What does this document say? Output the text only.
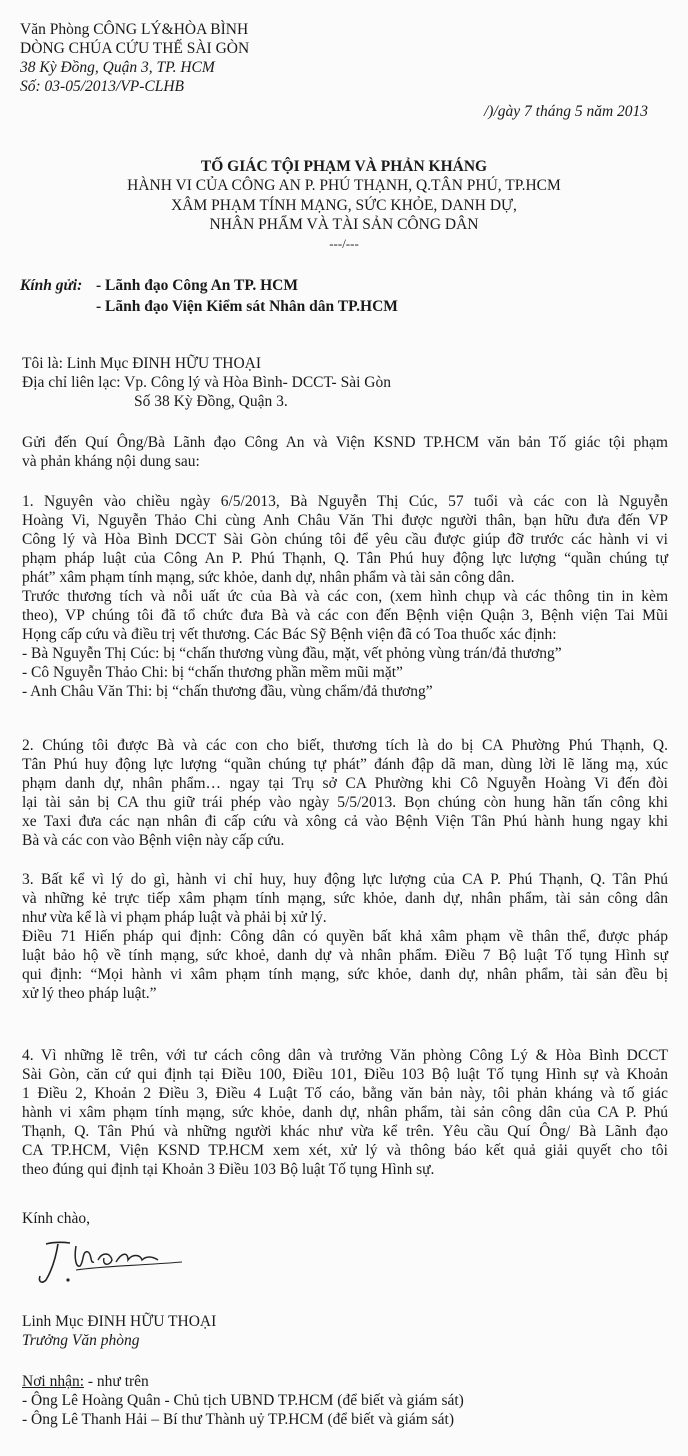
Văn Phòng CÔNG LÝ&HÒA BÌNH
DÒNG CHÚA CỨU THẾ SÀI GÒN
38 Kỳ Đồng, Quận 3, TP. HCM
Số: 03-05/2013/VP-CLHB
/)/gày 7 tháng 5 năm 2013
TỐ GIÁC TỘI PHẠM VÀ PHẢN KHÁNG
HÀNH VI CỦA CÔNG AN P. PHÚ THẠNH, Q.TÂN PHÚ, TP.HCM
XÂM PHẠM TÍNH MẠNG, SỨC KHỎE, DANH DỰ,
NHÂN PHẨM VÀ TÀI SẢN CÔNG DÂN
---/---
Kính gửi: - Lãnh đạo Công An TP. HCM
- Lãnh đạo Viện Kiểm sát Nhân dân TP.HCM
Tôi là: Linh Mục ĐINH HỮU THOẠI
Địa chỉ liên lạc: Vp. Công lý và Hòa Bình- DCCT- Sài Gòn
Số 38 Kỳ Đồng, Quận 3.
Gửi đến Quí Ông/Bà Lãnh đạo Công An và Viện KSND TP.HCM văn bản Tố giác tội phạm
và phản kháng nội dung sau:
1. Nguyên vào chiều ngày 6/5/2013, Bà Nguyễn Thị Cúc, 57 tuổi và các con là Nguyễn
Hoàng Vi, Nguyễn Thảo Chi cùng Anh Châu Văn Thi được người thân, bạn hữu đưa đến VP
Công lý và Hòa Bình DCCT Sài Gòn chúng tôi để yêu cầu được giúp đỡ trước các hành vi vi
phạm pháp luật của Công An P. Phú Thạnh, Q. Tân Phú huy động lực lượng “quần chúng tự
phát” xâm phạm tính mạng, sức khỏe, danh dự, nhân phẩm và tài sản công dân.
Trước thương tích và nỗi uất ức của Bà và các con, (xem hình chụp và các thông tin in kèm
theo), VP chúng tôi đã tổ chức đưa Bà và các con đến Bệnh viện Quận 3, Bệnh viện Tai Mũi
Họng cấp cứu và điều trị vết thương. Các Bác Sỹ Bệnh viện đã có Toa thuốc xác định:
- Bà Nguyễn Thị Cúc: bị “chấn thương vùng đầu, mặt, vết phỏng vùng trán/đả thương”
- Cô Nguyễn Thảo Chi: bị “chấn thương phần mềm mũi mặt”
- Anh Châu Văn Thi: bị “chấn thương đầu, vùng chẩm/đả thương”
2. Chúng tôi được Bà và các con cho biết, thương tích là do bị CA Phường Phú Thạnh, Q.
Tân Phú huy động lực lượng “quần chúng tự phát” đánh đập dã man, dùng lời lẽ lăng mạ, xúc
phạm danh dự, nhân phẩm… ngay tại Trụ sở CA Phường khi Cô Nguyễn Hoàng Vi đến đòi
lại tài sản bị CA thu giữ trái phép vào ngày 5/5/2013. Bọn chúng còn hung hãn tấn công khi
xe Taxi đưa các nạn nhân đi cấp cứu và xông cả vào Bệnh Viện Tân Phú hành hung ngay khi
Bà và các con vào Bệnh viện này cấp cứu.
3. Bất kể vì lý do gì, hành vi chỉ huy, huy động lực lượng của CA P. Phú Thạnh, Q. Tân Phú
và những kẻ trực tiếp xâm phạm tính mạng, sức khỏe, danh dự, nhân phẩm, tài sản công dân
như vừa kể là vi phạm pháp luật và phải bị xử lý.
Điều 71 Hiến pháp qui định: Công dân có quyền bất khả xâm phạm về thân thể, được pháp
luật bảo hộ về tính mạng, sức khoẻ, danh dự và nhân phẩm. Điều 7 Bộ luật Tố tụng Hình sự
qui định: “Mọi hành vi xâm phạm tính mạng, sức khỏe, danh dự, nhân phẩm, tài sản đều bị
xử lý theo pháp luật.”
4. Vì những lẽ trên, với tư cách công dân và trưởng Văn phòng Công Lý & Hòa Bình DCCT
Sài Gòn, căn cứ qui định tại Điều 100, Điều 101, Điều 103 Bộ luật Tố tụng Hình sự và Khoản
1 Điều 2, Khoản 2 Điều 3, Điều 4 Luật Tố cáo, bằng văn bản này, tôi phản kháng và tố giác
hành vi xâm phạm tính mạng, sức khỏe, danh dự, nhân phẩm, tài sản công dân của CA P. Phú
Thạnh, Q. Tân Phú và những người khác như vừa kể trên. Yêu cầu Quí Ông/ Bà Lãnh đạo
CA TP.HCM, Viện KSND TP.HCM xem xét, xử lý và thông báo kết quả giải quyết cho tôi
theo đúng qui định tại Khoản 3 Điều 103 Bộ luật Tố tụng Hình sự.
Kính chào,
Linh Mục ĐINH HỮU THOẠI
Trưởng Văn phòng
Nơi nhận: - như trên
- Ông Lê Hoàng Quân - Chủ tịch UBND TP.HCM (để biết và giám sát)
- Ông Lê Thanh Hải – Bí thư Thành uỷ TP.HCM (để biết và giám sát)
